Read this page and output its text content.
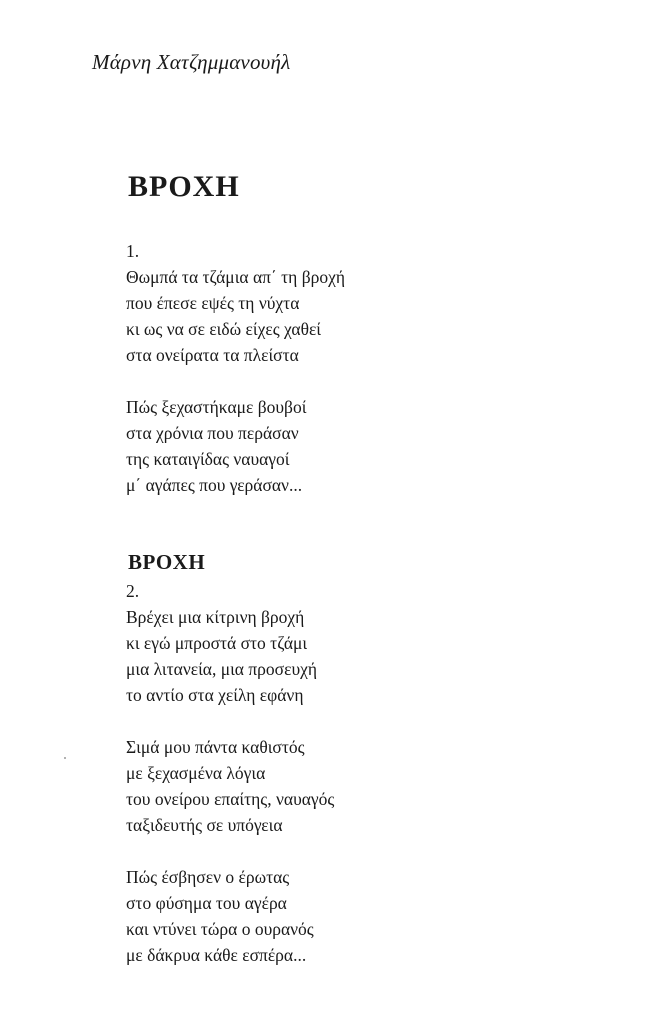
Μάρνη Χατζημμανουήλ
ΒΡΟΧΗ
1.
Θωμπά τα τζάμια απ΄ τη βροχή
που έπεσε εψές τη νύχτα
κι ως να σε ειδώ είχες χαθεί
στα ονείρατα τα πλείστα
Πώς ξεχαστήκαμε βουβοί
στα χρόνια που περάσαν
της καταιγίδας ναυαγοί
μ΄ αγάπες που γεράσαν...
ΒΡΟΧΗ
2.
Βρέχει μια κίτρινη βροχή
κι εγώ μπροστά στο τζάμι
μια λιτανεία, μια προσευχή
το αντίο στα χείλη εφάνη
Σιμά μου πάντα καθιστός
με ξεχασμένα λόγια
του ονείρου επαίτης, ναυαγός
ταξιδευτής σε υπόγεια
Πώς έσβησεν ο έρωτας
στο φύσημα του αγέρα
και ντύνει τώρα ο ουρανός
με δάκρυα κάθε εσπέρα...
